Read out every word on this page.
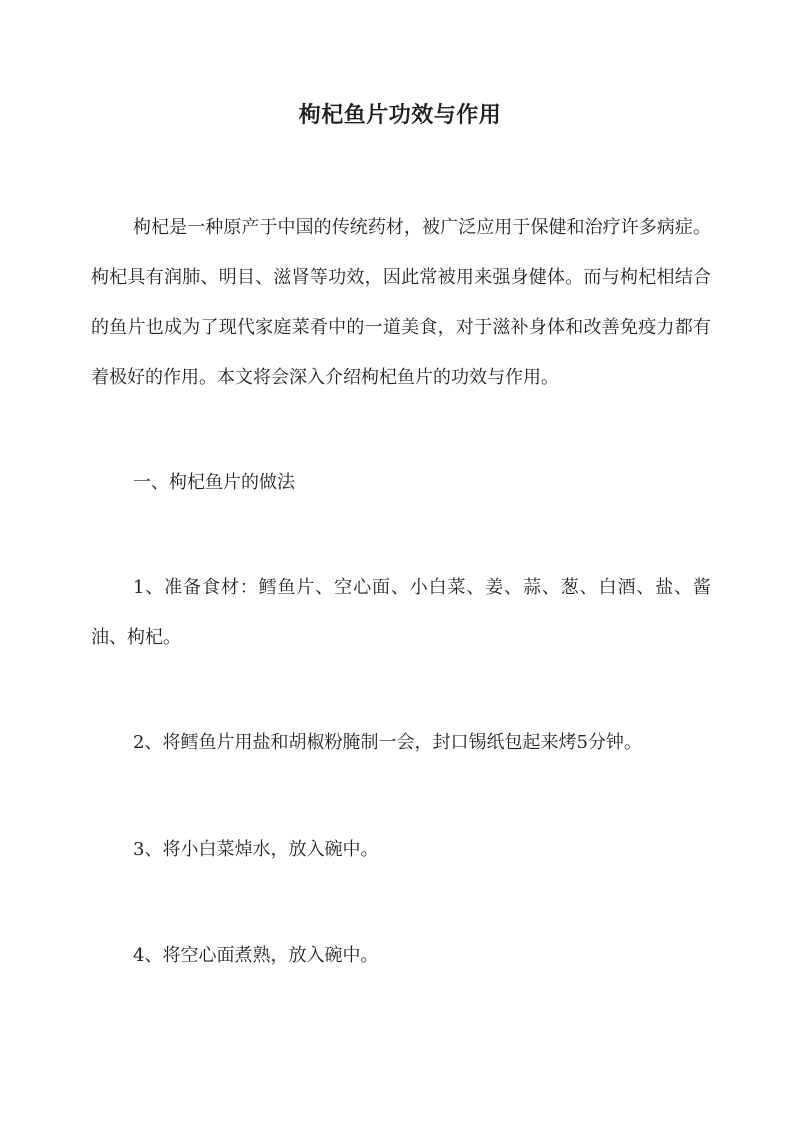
枸杞鱼片功效与作用

枸杞是一种原产于中国的传统药材，被广泛应用于保健和治疗许多病症。枸杞具有润肺、明目、滋肾等功效，因此常被用来强身健体。而与枸杞相结合的鱼片也成为了现代家庭菜肴中的一道美食，对于滋补身体和改善免疫力都有着极好的作用。本文将会深入介绍枸杞鱼片的功效与作用。

一、枸杞鱼片的做法

1、准备食材：鳕鱼片、空心面、小白菜、姜、蒜、葱、白酒、盐、酱油、枸杞。

2、将鳕鱼片用盐和胡椒粉腌制一会，封口锡纸包起来烤5分钟。

3、将小白菜焯水，放入碗中。

4、将空心面煮熟，放入碗中。
